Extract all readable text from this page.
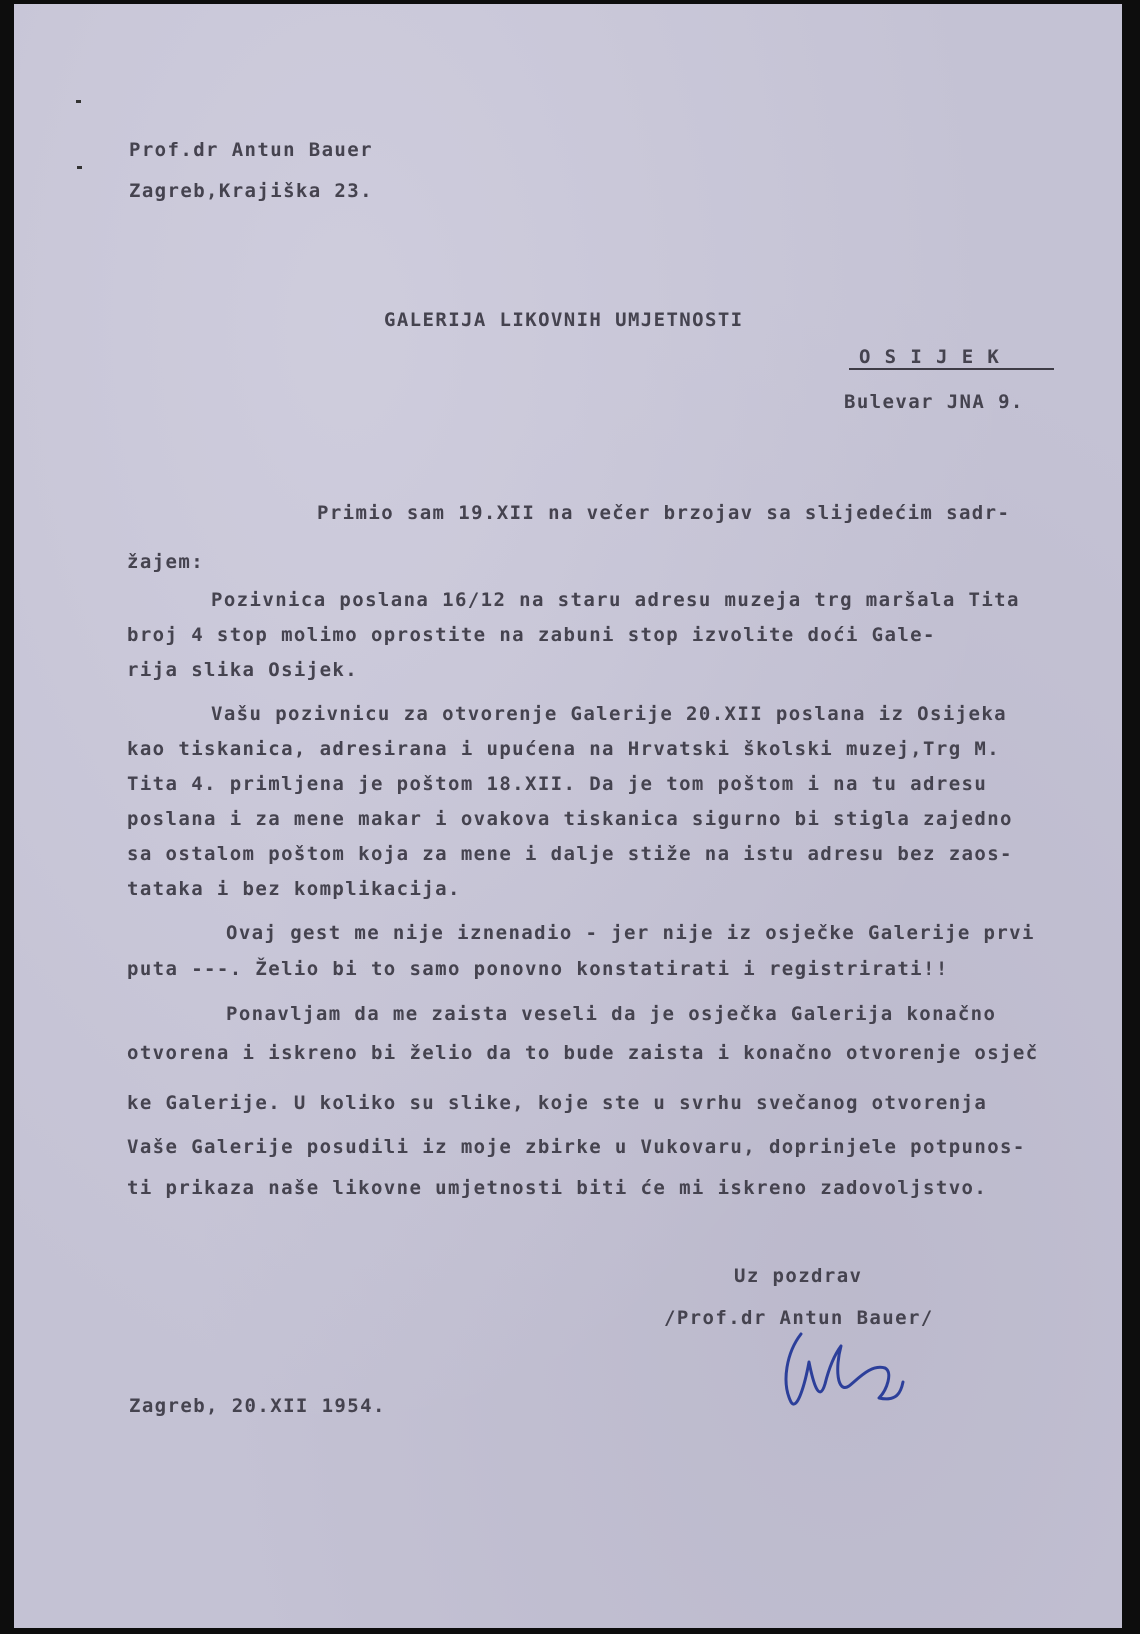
Prof.dr Antun Bauer

Zagreb,Krajiška 23.

GALERIJA LIKOVNIH UMJETNOSTI

O S I J E K

Bulevar JNA 9.

Primio sam 19.XII na večer brzojav sa slijedećim sadr-

žajem:

Pozivnica poslana 16/12 na staru adresu muzeja trg maršala Tita

broj 4 stop molimo oprostite na zabuni stop izvolite doći Gale-

rija slika Osijek.

Vašu pozivnicu za otvorenje Galerije 20.XII poslana iz Osijeka

kao tiskanica, adresirana i upućena na Hrvatski školski muzej,Trg M.

Tita 4. primljena je poštom 18.XII. Da je tom poštom i na tu adresu

poslana i za mene makar i ovakova tiskanica sigurno bi stigla zajedno

sa ostalom poštom koja za mene i dalje stiže na istu adresu bez zaos-

tataka i bez komplikacija.

Ovaj gest me nije iznenadio - jer nije iz osječke Galerije prvi

puta ---. Želio bi to samo ponovno konstatirati i registrirati!!

Ponavljam da me zaista veseli da je osječka Galerija konačno

otvorena i iskreno bi želio da to bude zaista i konačno otvorenje osječ

ke Galerije. U koliko su slike, koje ste u svrhu svečanog otvorenja

Vaše Galerije posudili iz moje zbirke u Vukovaru, doprinjele potpunos-

ti prikaza naše likovne umjetnosti biti će mi iskreno zadovoljstvo.

Uz pozdrav

/Prof.dr Antun Bauer/

Zagreb, 20.XII 1954.
